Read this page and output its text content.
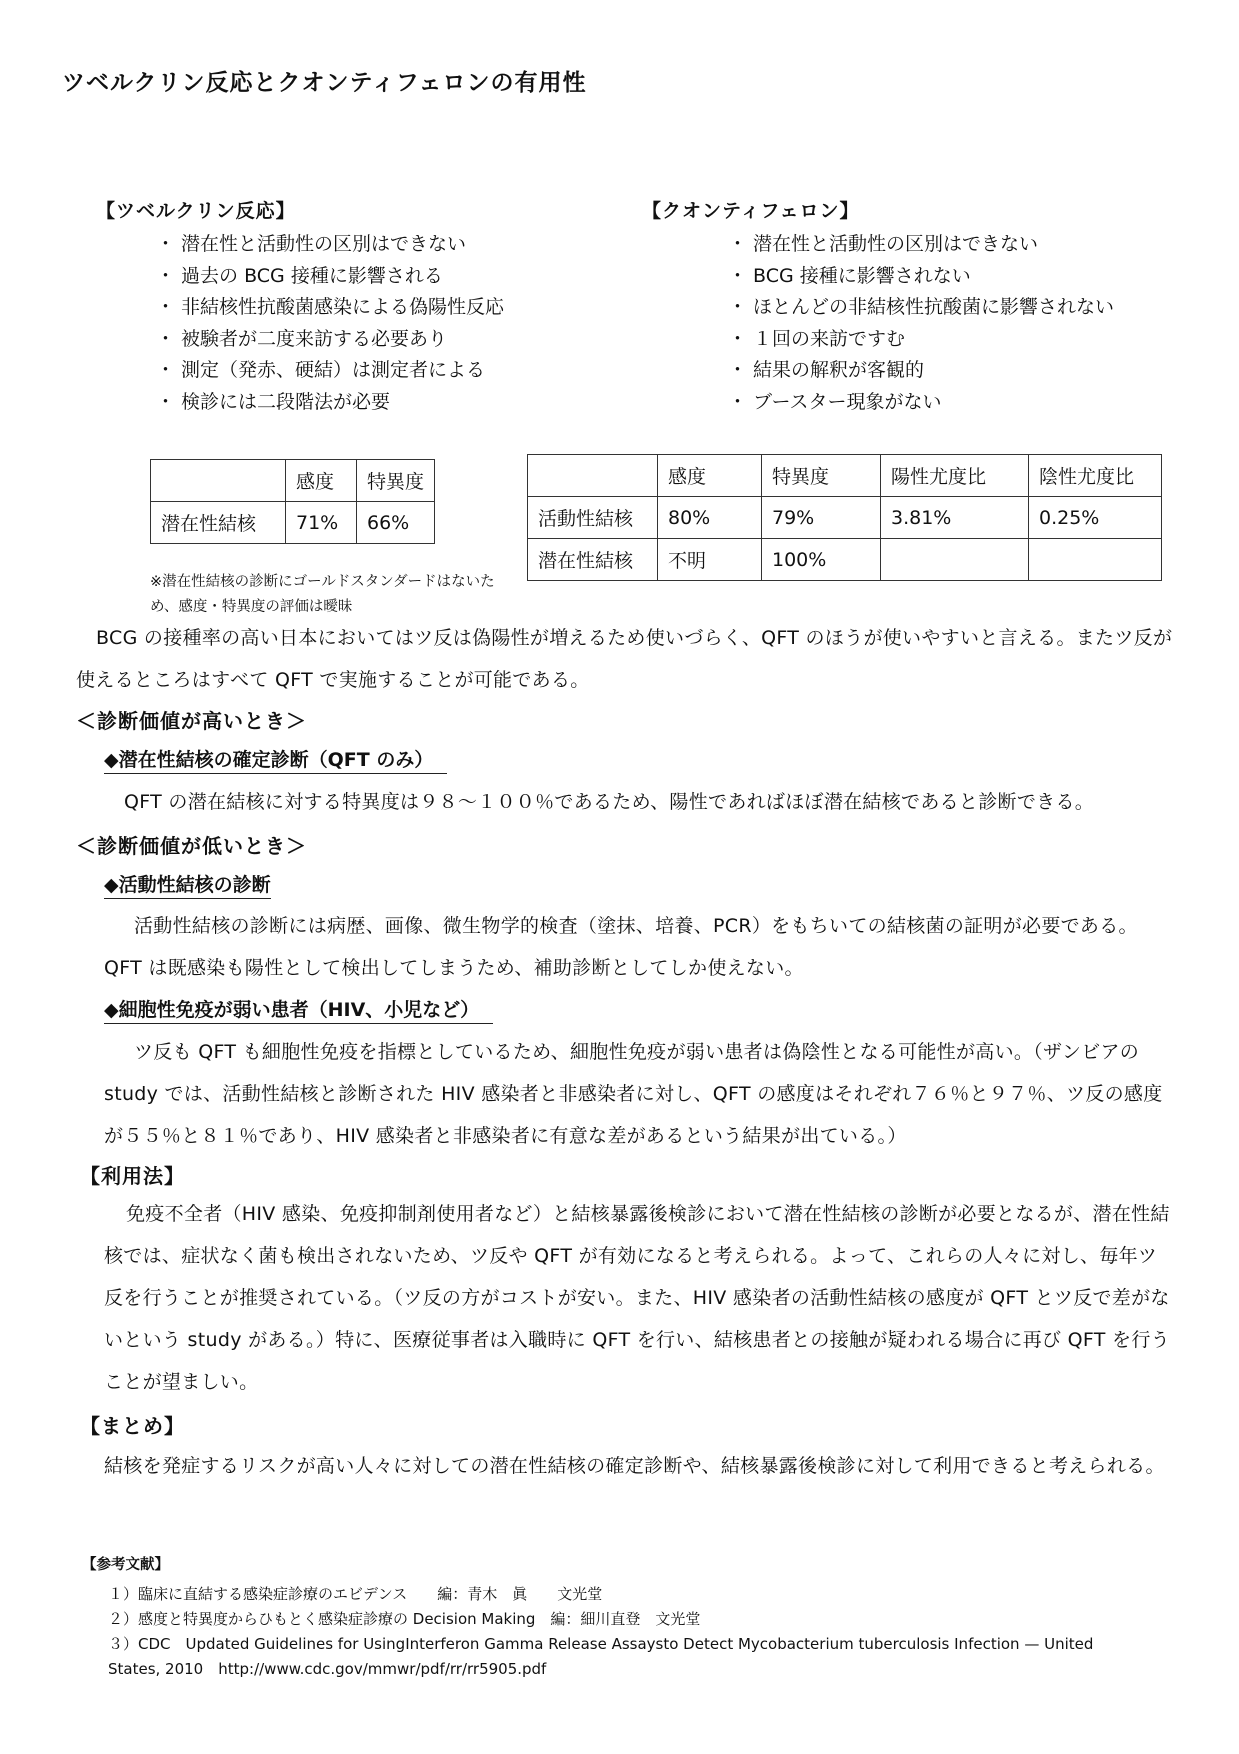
ツベルクリン反応とクオンティフェロンの有用性
【ツベルクリン反応】
・ 潜在性と活動性の区別はできない
・ 過去の BCG 接種に影響される
・ 非結核性抗酸菌感染による偽陽性反応
・ 被験者が二度来訪する必要あり
・ 測定（発赤、硬結）は測定者による
・ 検診には二段階法が必要
	感度	特異度
潜在性結核	71%	66%
※潜在性結核の診断にゴールドスタンダードはないため、感度・特異度の評価は曖昧
【クオンティフェロン】
・ 潜在性と活動性の区別はできない
・ BCG 接種に影響されない
・ ほとんどの非結核性抗酸菌に影響されない
・ １回の来訪ですむ
・ 結果の解釈が客観的
・ ブースター現象がない
	感度	特異度	陽性尤度比	陰性尤度比
活動性結核	80%	79%	3.81%	0.25%
潜在性結核	不明	100%		
BCG の接種率の高い日本においてはツ反は偽陽性が増えるため使いづらく、QFT のほうが使いやすいと言える。またツ反が使えるところはすべて QFT で実施することが可能である。
＜診断価値が高いとき＞
◆潜在性結核の確定診断（QFT のみ）
QFT の潜在結核に対する特異度は９８～１００％であるため、陽性であればほぼ潜在結核であると診断できる。
＜診断価値が低いとき＞
◆活動性結核の診断
活動性結核の診断には病歴、画像、微生物学的検査（塗抹、培養、PCR）をもちいての結核菌の証明が必要である。QFT は既感染も陽性として検出してしまうため、補助診断としてしか使えない。
◆細胞性免疫が弱い患者（HIV、小児など）
ツ反も QFT も細胞性免疫を指標としているため、細胞性免疫が弱い患者は偽陰性となる可能性が高い。（ザンビアの study では、活動性結核と診断された HIV 感染者と非感染者に対し、QFT の感度はそれぞれ７６％と９７％、ツ反の感度が５５％と８１％であり、HIV 感染者と非感染者に有意な差があるという結果が出ている。）
【利用法】
免疫不全者（HIV 感染、免疫抑制剤使用者など）と結核暴露後検診において潜在性結核の診断が必要となるが、潜在性結核では、症状なく菌も検出されないため、ツ反や QFT が有効になると考えられる。よって、これらの人々に対し、毎年ツ反を行うことが推奨されている。（ツ反の方がコストが安い。また、HIV 感染者の活動性結核の感度が QFT とツ反で差がないという study がある。）特に、医療従事者は入職時に QFT を行い、結核患者との接触が疑われる場合に再び QFT を行うことが望ましい。
【まとめ】
結核を発症するリスクが高い人々に対しての潜在性結核の確定診断や、結核暴露後検診に対して利用できると考えられる。
【参考文献】
１）臨床に直結する感染症診療のエビデンス　　編：青木　眞　　文光堂
２）感度と特異度からひもとく感染症診療の Decision Making　編：細川直登　文光堂
３）CDC　Updated Guidelines for UsingInterferon Gamma Release Assaysto Detect Mycobacterium tuberculosis Infection — United States, 2010　http://www.cdc.gov/mmwr/pdf/rr/rr5905.pdf
